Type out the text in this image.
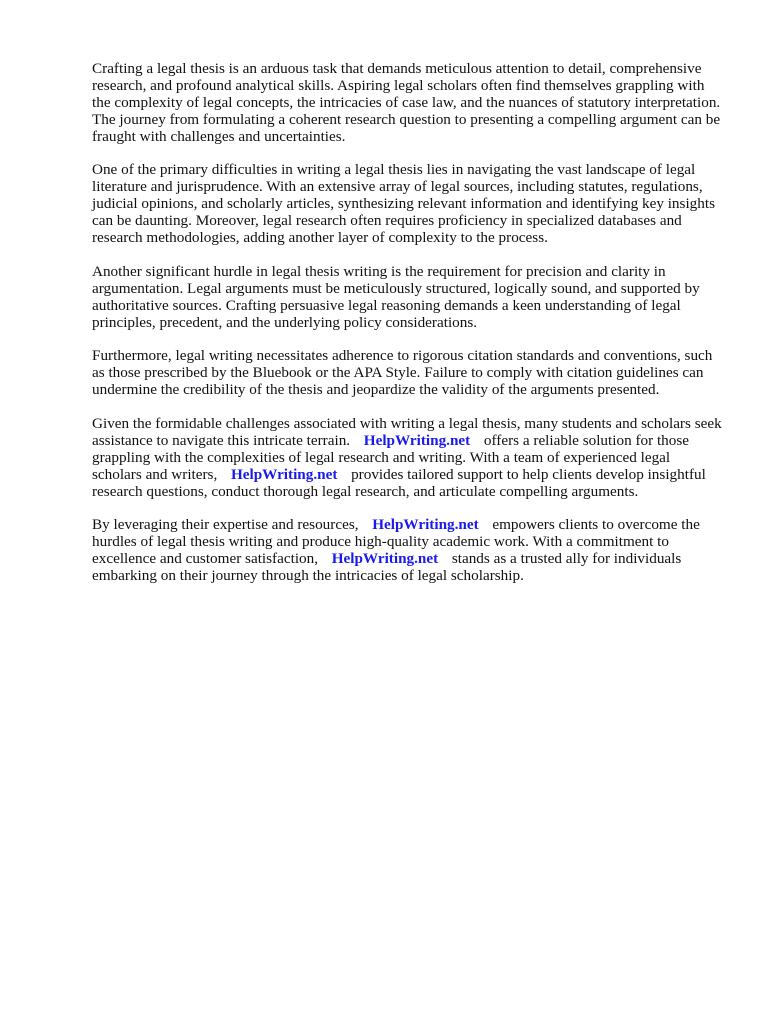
Crafting a legal thesis is an arduous task that demands meticulous attention to detail, comprehensive research, and profound analytical skills. Aspiring legal scholars often find themselves grappling with the complexity of legal concepts, the intricacies of case law, and the nuances of statutory interpretation. The journey from formulating a coherent research question to presenting a compelling argument can be fraught with challenges and uncertainties.

One of the primary difficulties in writing a legal thesis lies in navigating the vast landscape of legal literature and jurisprudence. With an extensive array of legal sources, including statutes, regulations, judicial opinions, and scholarly articles, synthesizing relevant information and identifying key insights can be daunting. Moreover, legal research often requires proficiency in specialized databases and research methodologies, adding another layer of complexity to the process.

Another significant hurdle in legal thesis writing is the requirement for precision and clarity in argumentation. Legal arguments must be meticulously structured, logically sound, and supported by authoritative sources. Crafting persuasive legal reasoning demands a keen understanding of legal principles, precedent, and the underlying policy considerations.

Furthermore, legal writing necessitates adherence to rigorous citation standards and conventions, such as those prescribed by the Bluebook or the APA Style. Failure to comply with citation guidelines can undermine the credibility of the thesis and jeopardize the validity of the arguments presented.

Given the formidable challenges associated with writing a legal thesis, many students and scholars seek assistance to navigate this intricate terrain. HelpWriting.net offers a reliable solution for those grappling with the complexities of legal research and writing. With a team of experienced legal scholars and writers, HelpWriting.net provides tailored support to help clients develop insightful research questions, conduct thorough legal research, and articulate compelling arguments.

By leveraging their expertise and resources, HelpWriting.net empowers clients to overcome the hurdles of legal thesis writing and produce high-quality academic work. With a commitment to excellence and customer satisfaction, HelpWriting.net stands as a trusted ally for individuals embarking on their journey through the intricacies of legal scholarship.
